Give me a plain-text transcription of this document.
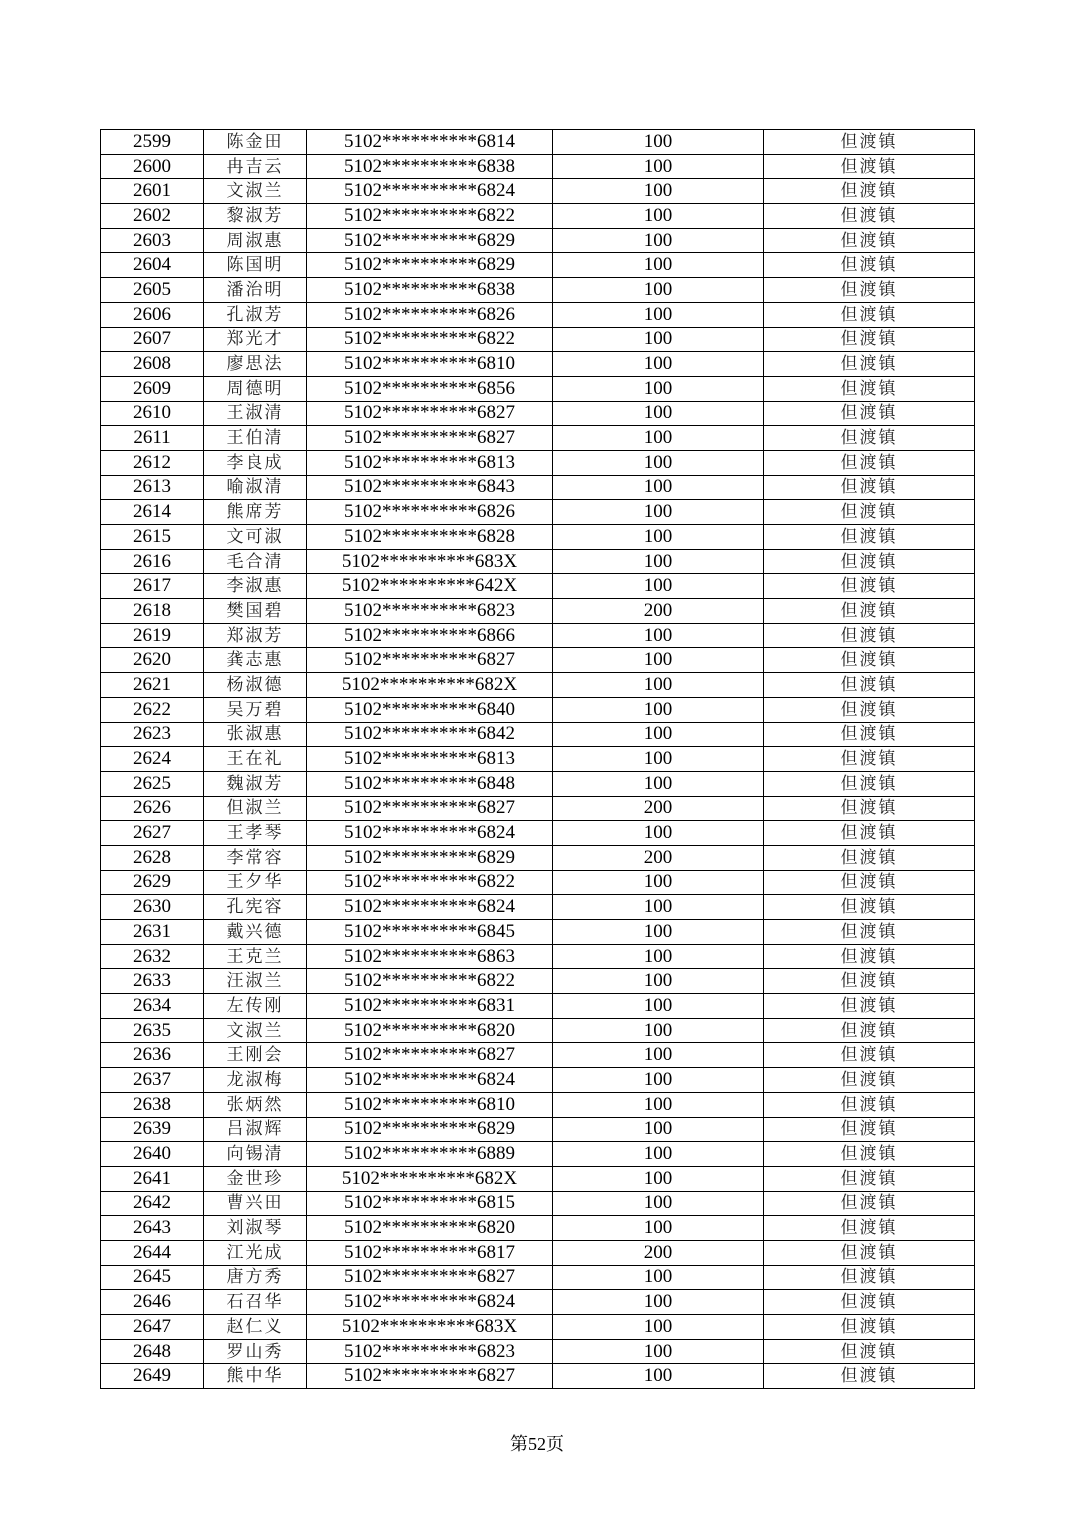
2599	陈金田	5102**********6814	100	但渡镇
2600	冉吉云	5102**********6838	100	但渡镇
2601	文淑兰	5102**********6824	100	但渡镇
2602	黎淑芳	5102**********6822	100	但渡镇
2603	周淑惠	5102**********6829	100	但渡镇
2604	陈国明	5102**********6829	100	但渡镇
2605	潘治明	5102**********6838	100	但渡镇
2606	孔淑芳	5102**********6826	100	但渡镇
2607	郑光才	5102**********6822	100	但渡镇
2608	廖思法	5102**********6810	100	但渡镇
2609	周德明	5102**********6856	100	但渡镇
2610	王淑清	5102**********6827	100	但渡镇
2611	王伯清	5102**********6827	100	但渡镇
2612	李良成	5102**********6813	100	但渡镇
2613	喻淑清	5102**********6843	100	但渡镇
2614	熊席芳	5102**********6826	100	但渡镇
2615	文可淑	5102**********6828	100	但渡镇
2616	毛合清	5102**********683X	100	但渡镇
2617	李淑惠	5102**********642X	100	但渡镇
2618	樊国碧	5102**********6823	200	但渡镇
2619	郑淑芳	5102**********6866	100	但渡镇
2620	龚志惠	5102**********6827	100	但渡镇
2621	杨淑德	5102**********682X	100	但渡镇
2622	吴万碧	5102**********6840	100	但渡镇
2623	张淑惠	5102**********6842	100	但渡镇
2624	王在礼	5102**********6813	100	但渡镇
2625	魏淑芳	5102**********6848	100	但渡镇
2626	但淑兰	5102**********6827	200	但渡镇
2627	王孝琴	5102**********6824	100	但渡镇
2628	李常容	5102**********6829	200	但渡镇
2629	王夕华	5102**********6822	100	但渡镇
2630	孔宪容	5102**********6824	100	但渡镇
2631	戴兴德	5102**********6845	100	但渡镇
2632	王克兰	5102**********6863	100	但渡镇
2633	汪淑兰	5102**********6822	100	但渡镇
2634	左传刚	5102**********6831	100	但渡镇
2635	文淑兰	5102**********6820	100	但渡镇
2636	王刚会	5102**********6827	100	但渡镇
2637	龙淑梅	5102**********6824	100	但渡镇
2638	张炳然	5102**********6810	100	但渡镇
2639	吕淑辉	5102**********6829	100	但渡镇
2640	向锡清	5102**********6889	100	但渡镇
2641	金世珍	5102**********682X	100	但渡镇
2642	曹兴田	5102**********6815	100	但渡镇
2643	刘淑琴	5102**********6820	100	但渡镇
2644	江光成	5102**********6817	200	但渡镇
2645	唐方秀	5102**********6827	100	但渡镇
2646	石召华	5102**********6824	100	但渡镇
2647	赵仁义	5102**********683X	100	但渡镇
2648	罗山秀	5102**********6823	100	但渡镇
2649	熊中华	5102**********6827	100	但渡镇
第52页
